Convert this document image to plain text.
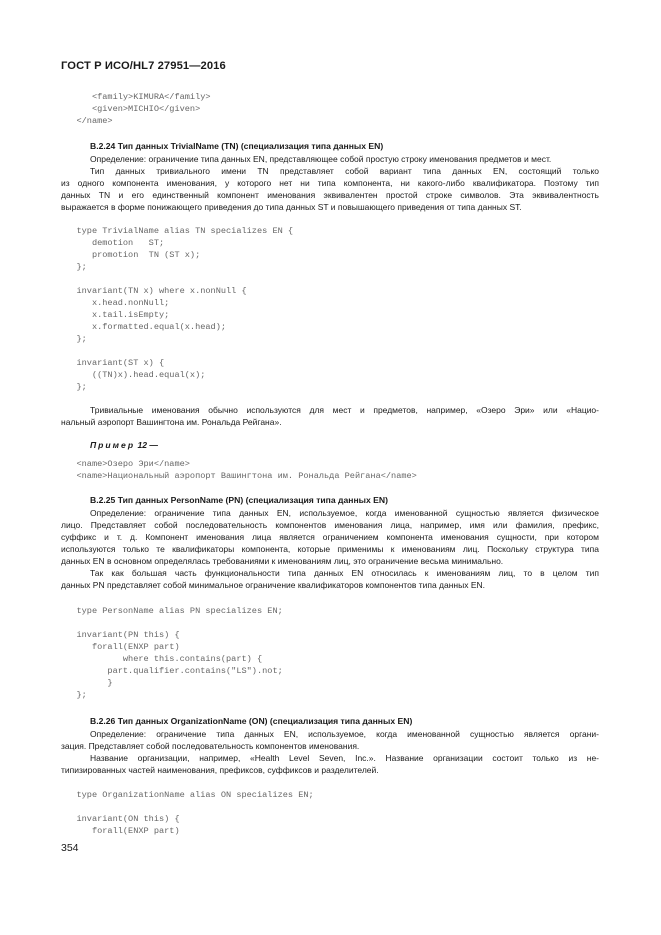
ГОСТ Р ИСО/HL7 27951—2016
<family>KIMURA</family>
<given>MICHIO</given>
</name>
B.2.24 Тип данных TrivialName (TN) (специализация типа данных EN)
Определение: ограничение типа данных EN, представляющее собой простую строку именования предметов и мест.
Тип данных тривиального имени TN представляет собой вариант типа данных EN, состоящий только
из одного компонента именования, у которого нет ни типа компонента, ни какого-либо квалификатора. Поэтому тип
данных TN и его единственный компонент именования эквивалентен простой строке символов. Эта эквивалентность
выражается в форме понижающего приведения до типа данных ST и повышающего приведения от типа данных ST.
type TrivialName alias TN specializes EN {
demotion   ST;
promotion  TN (ST x);
};

invariant(TN x) where x.nonNull {
x.head.nonNull;
x.tail.isEmpty;
x.formatted.equal(x.head);
};

invariant(ST x) {
((TN)x).head.equal(x);
};
Тривиальные именования обычно используются для мест и предметов, например, «Озеро Эри» или «Нацио-
нальный аэропорт Вашингтона им. Рональда Рейгана».
Пример 12 —
<name>Озеро Эри</name>
<name>Национальный аэропорт Вашингтона им. Рональда Рейгана</name>
B.2.25 Тип данных PersonName (PN) (специализация типа данных EN)
Определение: ограничение типа данных EN, используемое, когда именованной сущностью является физическое
лицо. Представляет собой последовательность компонентов именования лица, например, имя или фамилия, префикс,
суффикс и т. д. Компонент именования лица является ограничением компонента именования сущности, при котором
используются только те квалификаторы компонента, которые применимы к именованиям лиц. Поскольку структура типа
данных EN в основном определялась требованиями к именованиям лиц, это ограничение весьма минимально.
Так как большая часть функциональности типа данных EN относилась к именованиям лиц, то в целом тип
данных PN представляет собой минимальное ограничение квалификаторов компонентов типа данных EN.
type PersonName alias PN specializes EN;

invariant(PN this) {
forall(ENXP part)
where this.contains(part) {
part.qualifier.contains("LS").not;
}
};
B.2.26 Тип данных OrganizationName (ON) (специализация типа данных EN)
Определение: ограничение типа данных EN, используемое, когда именованной сущностью является органи-
зация. Представляет собой последовательность компонентов именования.
Название организации, например, «Health Level Seven, Inc.». Название организации состоит только из не-
типизированных частей наименования, префиксов, суффиксов и разделителей.
type OrganizationName alias ON specializes EN;

invariant(ON this) {
forall(ENXP part)
354
